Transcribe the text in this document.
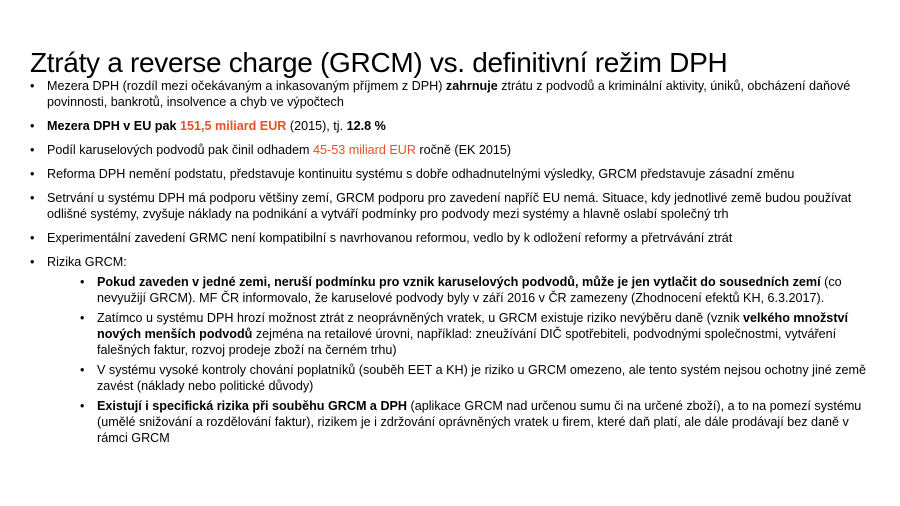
Ztráty a reverse charge (GRCM) vs. definitivní režim DPH
• Mezera DPH (rozdíl mezi očekávaným a inkasovaným příjmem z DPH) zahrnuje ztrátu z podvodů a kriminální aktivity, úniků, obcházení daňové povinnosti, bankrotů, insolvence a chyb ve výpočtech
• Mezera DPH v EU pak 151,5 miliard EUR (2015), tj. 12.8 %
• Podíl karuselových podvodů pak činil odhadem 45-53 miliard EUR ročně (EK 2015)
• Reforma DPH nemění podstatu, představuje kontinuitu systému s dobře odhadnutelnými výsledky, GRCM představuje zásadní změnu
• Setrvání u systému DPH má podporu většiny zemí, GRCM podporu pro zavedení napříč EU nemá. Situace, kdy jednotlivé země budou používat odlišné systémy, zvyšuje náklady na podnikání a vytváří podmínky pro podvody mezi systémy a hlavně oslabí společný trh
• Experimentální zavedení GRMC není kompatibilní s navrhovanou reformou, vedlo by k odložení reformy a přetrvávání ztrát
• Rizika GRCM:
• Pokud zaveden v jedné zemi, neruší podmínku pro vznik karuselových podvodů, může je jen vytlačit do sousedních zemí (co nevyužijí GRCM). MF ČR informovalo, že karuselové podvody byly v září 2016 v ČR zamezeny (Zhodnocení efektů KH, 6.3.2017).
• Zatímco u systému DPH hrozí možnost ztrát z neoprávněných vratek, u GRCM existuje riziko nevýběru daně (vznik velkého množství nových menších podvodů zejména na retailové úrovni, například: zneužívání DIČ spotřebiteli, podvodnými společnostmi, vytváření falešných faktur, rozvoj prodeje zboží na černém trhu)
• V systému vysoké kontroly chování poplatníků (souběh EET a KH) je riziko u GRCM omezeno, ale tento systém nejsou ochotny jiné země zavést (náklady nebo politické důvody)
• Existují i specifická rizika při souběhu GRCM a DPH (aplikace GRCM nad určenou sumu či na určené zboží), a to na pomezí systému (umělé snižování a rozdělování faktur), rizikem je i zdržování oprávněných vratek u firem, které daň platí, ale dále prodávají bez daně v rámci GRCM
